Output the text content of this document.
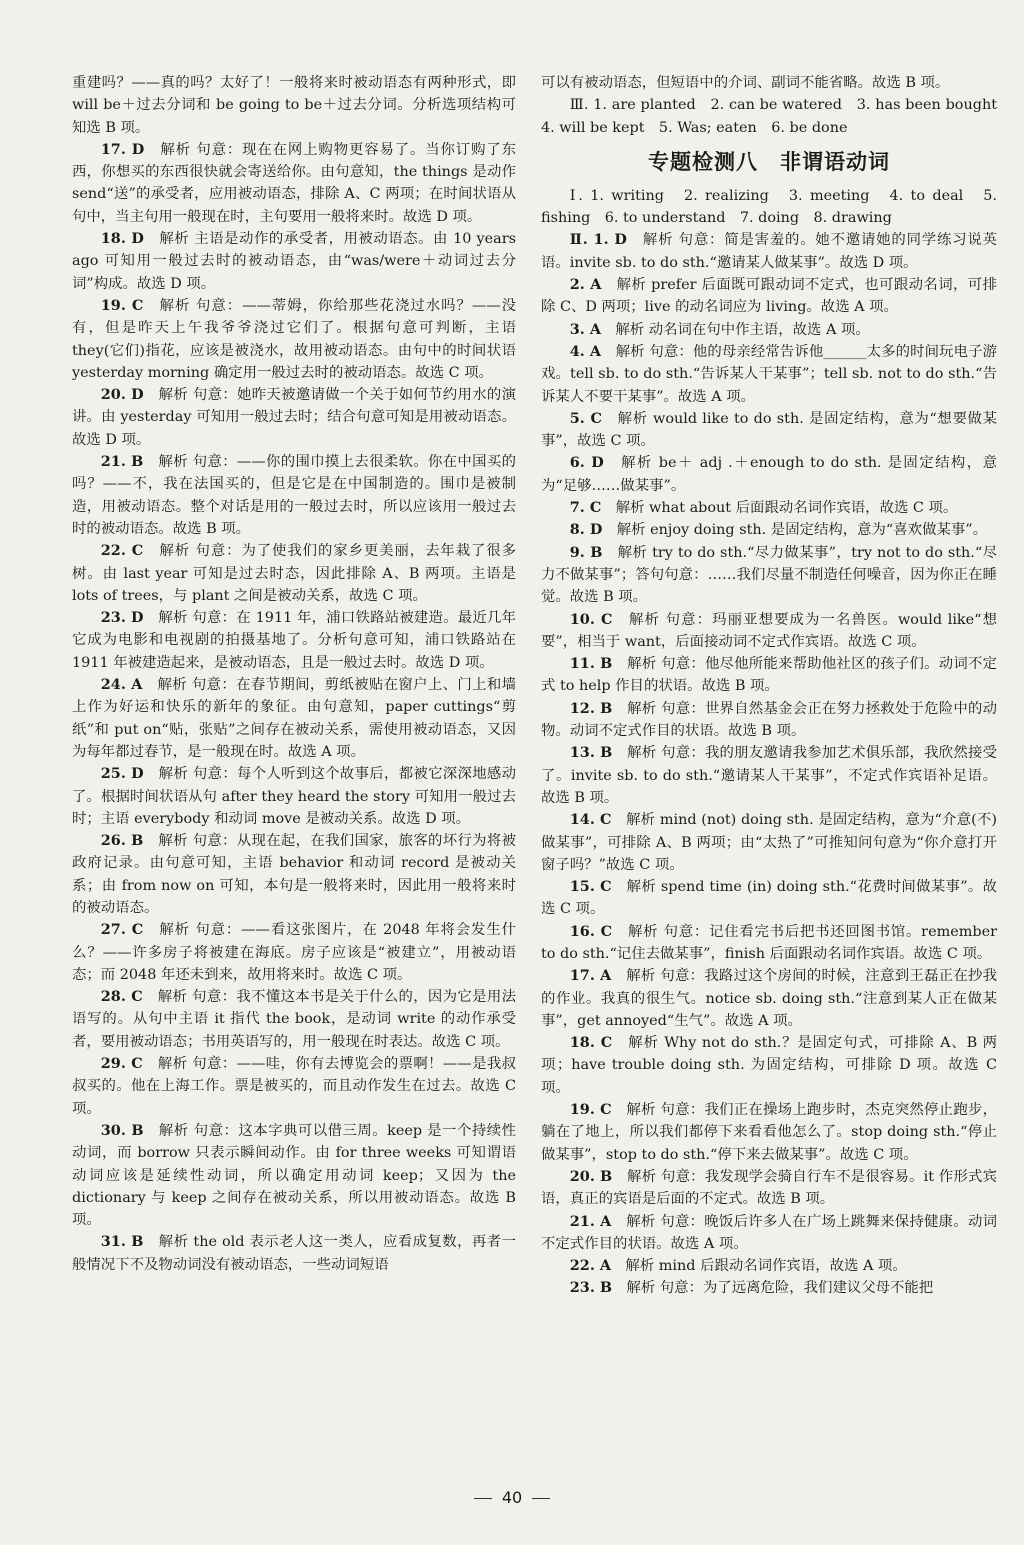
重建吗？——真的吗？太好了！一般将来时被动语态有两种形式，即 will be＋过去分词和 be going to be＋过去分词。分析选项结构可知选 B 项。

17. D　 解析 句意：现在在网上购物更容易了。当你订购了东西，你想买的东西很快就会寄送给你。由句意知，the things 是动作 send“送”的承受者，应用被动语态，排除 A、C 两项；在时间状语从句中，当主句用一般现在时，主句要用一般将来时。故选 D 项。

18. D　 解析 主语是动作的承受者，用被动语态。由 10 years ago 可知用一般过去时的被动语态，由“was/were＋动词过去分词”构成。故选 D 项。

19. C　 解析 句意：——蒂姆，你给那些花浇过水吗？——没有，但是昨天上午我爷爷浇过它们了。根据句意可判断，主语 they(它们)指花，应该是被浇水，故用被动语态。由句中的时间状语 yesterday morning 确定用一般过去时的被动语态。故选 C 项。

20. D　 解析 句意：她昨天被邀请做一个关于如何节约用水的演讲。由 yesterday 可知用一般过去时；结合句意可知是用被动语态。故选 D 项。

21. B　 解析 句意：——你的围巾摸上去很柔软。你在中国买的吗？——不，我在法国买的，但是它是在中国制造的。围巾是被制造，用被动语态。整个对话是用的一般过去时，所以应该用一般过去时的被动语态。故选 B 项。

22. C　 解析 句意：为了使我们的家乡更美丽，去年栽了很多树。由 last year 可知是过去时态，因此排除 A、B 两项。主语是 lots of trees，与 plant 之间是被动关系，故选 C 项。

23. D　 解析 句意：在 1911 年，浦口铁路站被建造。最近几年它成为电影和电视剧的拍摄基地了。分析句意可知，浦口铁路站在 1911 年被建造起来，是被动语态，且是一般过去时。故选 D 项。

24. A　 解析 句意：在春节期间，剪纸被贴在窗户上、门上和墙上作为好运和快乐的新年的象征。由句意知，paper cuttings“剪纸”和 put on“贴，张贴”之间存在被动关系，需使用被动语态，又因为每年都过春节，是一般现在时。故选 A 项。

25. D　 解析 句意：每个人听到这个故事后，都被它深深地感动了。根据时间状语从句 after they heard the story 可知用一般过去时；主语 everybody 和动词 move 是被动关系。故选 D 项。

26. B　 解析 句意：从现在起，在我们国家，旅客的坏行为将被政府记录。由句意可知，主语 behavior 和动词 record 是被动关系；由 from now on 可知，本句是一般将来时，因此用一般将来时的被动语态。

27. C　 解析 句意：——看这张图片，在 2048 年将会发生什么？——许多房子将被建在海底。房子应该是“被建立”，用被动语态；而 2048 年还未到来，故用将来时。故选 C 项。

28. C　 解析 句意：我不懂这本书是关于什么的，因为它是用法语写的。从句中主语 it 指代 the book，是动词 write 的动作承受者，要用被动语态；书用英语写的，用一般现在时表达。故选 C 项。

29. C　 解析 句意：——哇，你有去博览会的票啊！——是我叔叔买的。他在上海工作。票是被买的，而且动作发生在过去。故选 C 项。

30. B　 解析 句意：这本字典可以借三周。keep 是一个持续性动词，而 borrow 只表示瞬间动作。由 for three weeks 可知谓语动词应该是延续性动词，所以确定用动词 keep；又因为 the dictionary 与 keep 之间存在被动关系，所以用被动语态。故选 B 项。

31. B　 解析 the old 表示老人这一类人，应看成复数，再者一般情况下不及物动词没有被动语态，一些动词短语

可以有被动语态，但短语中的介词、副词不能省略。故选 B 项。

Ⅲ. 1. are planted　2. can be watered　3. has been bought　4. will be kept　5. Was; eaten　6. be done

专题检测八　非谓语动词

Ⅰ. 1. writing　2. realizing　3. meeting　4. to deal　5. fishing　6. to understand　7. doing　8. drawing

Ⅱ. 1. D　 解析 句意：简是害羞的。她不邀请她的同学练习说英语。invite sb. to do sth.“邀请某人做某事”。故选 D 项。

2. A　 解析 prefer 后面既可跟动词不定式，也可跟动名词，可排除 C、D 两项；live 的动名词应为 living。故选 A 项。

3. A　 解析 动名词在句中作主语，故选 A 项。

4. A　 解析 句意：他的母亲经常告诉他______太多的时间玩电子游戏。tell sb. to do sth.“告诉某人干某事”；tell sb. not to do sth.“告诉某人不要干某事”。故选 A 项。

5. C　 解析 would like to do sth. 是固定结构，意为“想要做某事”，故选 C 项。

6. D　 解析 be＋ adj .＋enough to do sth. 是固定结构，意为“足够……做某事”。

7. C　 解析 what about 后面跟动名词作宾语，故选 C 项。

8. D　 解析 enjoy doing sth. 是固定结构，意为“喜欢做某事”。

9. B　 解析 try to do sth.“尽力做某事”，try not to do sth.“尽力不做某事”；答句句意：……我们尽量不制造任何噪音，因为你正在睡觉。故选 B 项。

10. C　 解析 句意：玛丽亚想要成为一名兽医。would like“想要”，相当于 want，后面接动词不定式作宾语。故选 C 项。

11. B　 解析 句意：他尽他所能来帮助他社区的孩子们。动词不定式 to help 作目的状语。故选 B 项。

12. B　 解析 句意：世界自然基金会正在努力拯救处于危险中的动物。动词不定式作目的状语。故选 B 项。

13. B　 解析 句意：我的朋友邀请我参加艺术俱乐部，我欣然接受了。invite sb. to do sth.“邀请某人干某事”，不定式作宾语补足语。故选 B 项。

14. C　 解析 mind (not) doing sth. 是固定结构，意为“介意(不)做某事”，可排除 A、B 两项；由“太热了”可推知问句意为“你介意打开窗子吗？”故选 C 项。

15. C　 解析 spend time (in) doing sth.“花费时间做某事”。故选 C 项。

16. C　 解析 句意：记住看完书后把书还回图书馆。remember to do sth.“记住去做某事”，finish 后面跟动名词作宾语。故选 C 项。

17. A　 解析 句意：我路过这个房间的时候，注意到王磊正在抄我的作业。我真的很生气。notice sb. doing sth.“注意到某人正在做某事”，get annoyed“生气”。故选 A 项。

18. C　 解析 Why not do sth.？是固定句式，可排除 A、B 两项；have trouble doing sth. 为固定结构，可排除 D 项。故选 C 项。

19. C　 解析 句意：我们正在操场上跑步时，杰克突然停止跑步，躺在了地上，所以我们都停下来看看他怎么了。stop doing sth.“停止做某事”，stop to do sth.“停下来去做某事”。故选 C 项。

20. B　 解析 句意：我发现学会骑自行车不是很容易。it 作形式宾语，真正的宾语是后面的不定式。故选 B 项。

21. A　 解析 句意：晚饭后许多人在广场上跳舞来保持健康。动词不定式作目的状语。故选 A 项。

22. A　 解析 mind 后跟动名词作宾语，故选 A 项。

23. B　 解析 句意：为了远离危险，我们建议父母不能把

40
